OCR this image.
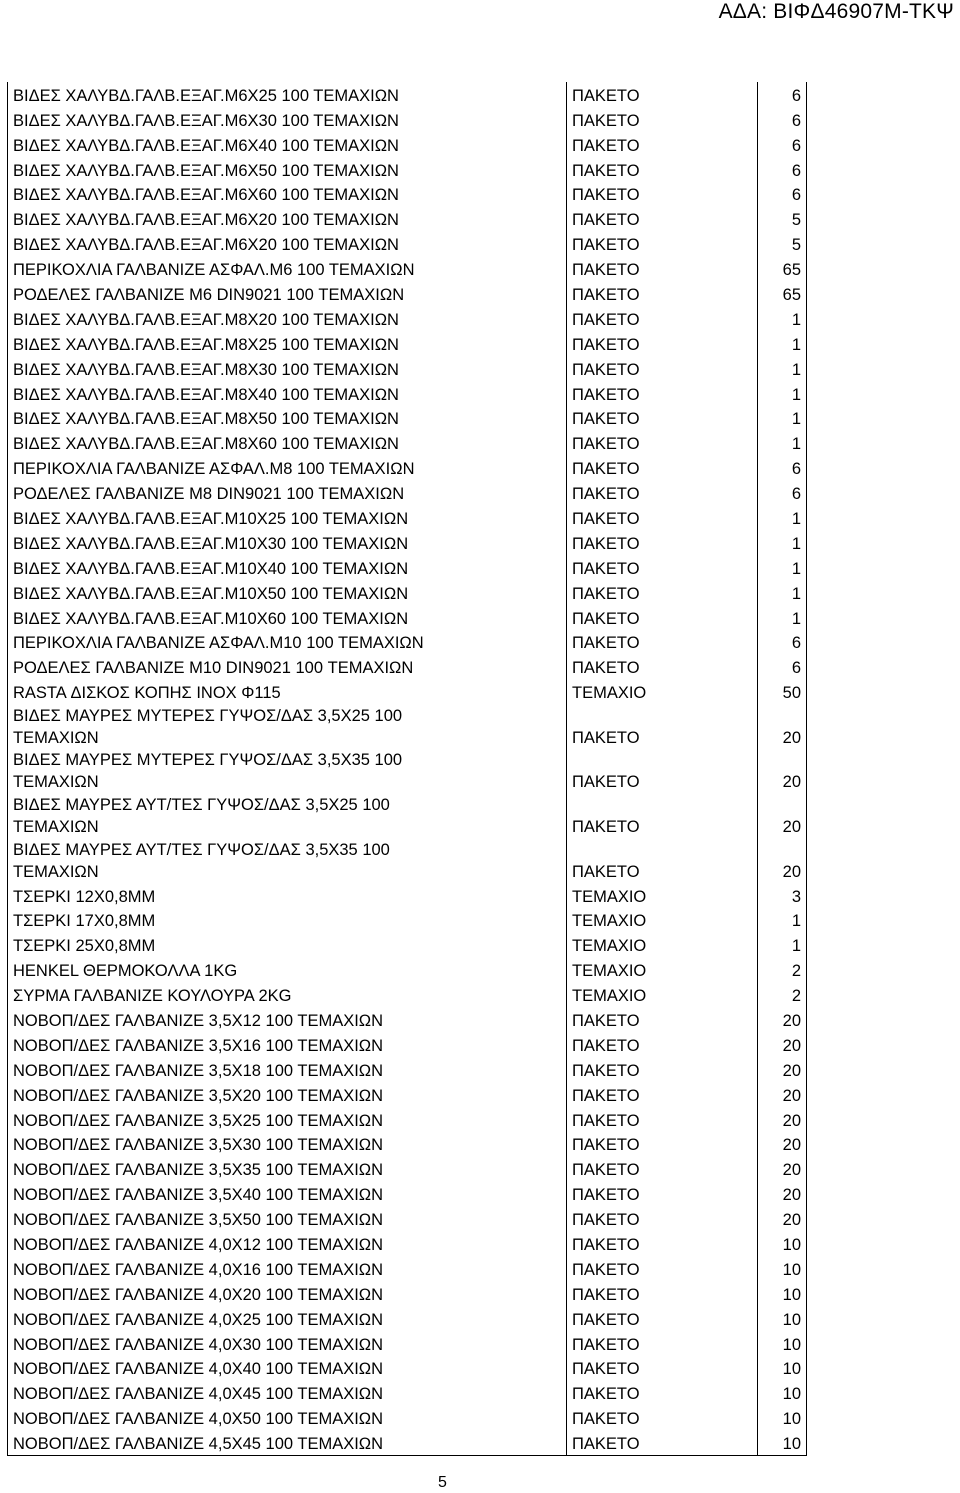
ΑΔΑ: ΒΙΦΔ46907Μ-ΤΚΨ
ΒΙΔΕΣ ΧΑΛΥΒΔ.ΓΑΛΒ.ΕΞΑΓ.Μ6Χ25 100 ΤΕΜΑΧΙΩΝ	ΠΑΚΕΤΟ	6

ΒΙΔΕΣ ΧΑΛΥΒΔ.ΓΑΛΒ.ΕΞΑΓ.Μ6Χ30 100 ΤΕΜΑΧΙΩΝ	ΠΑΚΕΤΟ	6

ΒΙΔΕΣ ΧΑΛΥΒΔ.ΓΑΛΒ.ΕΞΑΓ.Μ6Χ40 100 ΤΕΜΑΧΙΩΝ	ΠΑΚΕΤΟ	6

ΒΙΔΕΣ ΧΑΛΥΒΔ.ΓΑΛΒ.ΕΞΑΓ.Μ6Χ50 100 ΤΕΜΑΧΙΩΝ	ΠΑΚΕΤΟ	6

ΒΙΔΕΣ ΧΑΛΥΒΔ.ΓΑΛΒ.ΕΞΑΓ.Μ6Χ60 100 ΤΕΜΑΧΙΩΝ	ΠΑΚΕΤΟ	6

ΒΙΔΕΣ ΧΑΛΥΒΔ.ΓΑΛΒ.ΕΞΑΓ.Μ6Χ20 100 ΤΕΜΑΧΙΩΝ	ΠΑΚΕΤΟ	5

ΒΙΔΕΣ ΧΑΛΥΒΔ.ΓΑΛΒ.ΕΞΑΓ.Μ6Χ20 100 ΤΕΜΑΧΙΩΝ	ΠΑΚΕΤΟ	5

ΠΕΡΙΚΟΧΛΙΑ ΓΑΛΒΑΝΙΖΕ ΑΣΦΑΛ.Μ6 100 ΤΕΜΑΧΙΩΝ	ΠΑΚΕΤΟ	65

ΡΟΔΕΛΕΣ ΓΑΛΒΑΝΙΖΕ Μ6 DIN9021 100 ΤΕΜΑΧΙΩΝ	ΠΑΚΕΤΟ	65

ΒΙΔΕΣ ΧΑΛΥΒΔ.ΓΑΛΒ.ΕΞΑΓ.Μ8Χ20 100 ΤΕΜΑΧΙΩΝ	ΠΑΚΕΤΟ	1

ΒΙΔΕΣ ΧΑΛΥΒΔ.ΓΑΛΒ.ΕΞΑΓ.Μ8Χ25 100 ΤΕΜΑΧΙΩΝ	ΠΑΚΕΤΟ	1

ΒΙΔΕΣ ΧΑΛΥΒΔ.ΓΑΛΒ.ΕΞΑΓ.Μ8Χ30 100 ΤΕΜΑΧΙΩΝ	ΠΑΚΕΤΟ	1

ΒΙΔΕΣ ΧΑΛΥΒΔ.ΓΑΛΒ.ΕΞΑΓ.Μ8Χ40 100 ΤΕΜΑΧΙΩΝ	ΠΑΚΕΤΟ	1

ΒΙΔΕΣ ΧΑΛΥΒΔ.ΓΑΛΒ.ΕΞΑΓ.Μ8Χ50 100 ΤΕΜΑΧΙΩΝ	ΠΑΚΕΤΟ	1

ΒΙΔΕΣ ΧΑΛΥΒΔ.ΓΑΛΒ.ΕΞΑΓ.Μ8Χ60 100 ΤΕΜΑΧΙΩΝ	ΠΑΚΕΤΟ	1

ΠΕΡΙΚΟΧΛΙΑ ΓΑΛΒΑΝΙΖΕ ΑΣΦΑΛ.Μ8 100 ΤΕΜΑΧΙΩΝ	ΠΑΚΕΤΟ	6

ΡΟΔΕΛΕΣ ΓΑΛΒΑΝΙΖΕ Μ8 DIN9021 100 ΤΕΜΑΧΙΩΝ	ΠΑΚΕΤΟ	6

ΒΙΔΕΣ ΧΑΛΥΒΔ.ΓΑΛΒ.ΕΞΑΓ.Μ10Χ25 100 ΤΕΜΑΧΙΩΝ	ΠΑΚΕΤΟ	1

ΒΙΔΕΣ ΧΑΛΥΒΔ.ΓΑΛΒ.ΕΞΑΓ.Μ10Χ30 100 ΤΕΜΑΧΙΩΝ	ΠΑΚΕΤΟ	1

ΒΙΔΕΣ ΧΑΛΥΒΔ.ΓΑΛΒ.ΕΞΑΓ.Μ10Χ40 100 ΤΕΜΑΧΙΩΝ	ΠΑΚΕΤΟ	1

ΒΙΔΕΣ ΧΑΛΥΒΔ.ΓΑΛΒ.ΕΞΑΓ.Μ10Χ50 100 ΤΕΜΑΧΙΩΝ	ΠΑΚΕΤΟ	1

ΒΙΔΕΣ ΧΑΛΥΒΔ.ΓΑΛΒ.ΕΞΑΓ.Μ10Χ60 100 ΤΕΜΑΧΙΩΝ	ΠΑΚΕΤΟ	1

ΠΕΡΙΚΟΧΛΙΑ ΓΑΛΒΑΝΙΖΕ ΑΣΦΑΛ.Μ10 100 ΤΕΜΑΧΙΩΝ	ΠΑΚΕΤΟ	6

ΡΟΔΕΛΕΣ ΓΑΛΒΑΝΙΖΕ Μ10 DIN9021 100 ΤΕΜΑΧΙΩΝ	ΠΑΚΕΤΟ	6

RASTA ΔΙΣΚΟΣ ΚΟΠΗΣ ΙΝΟΧ Φ115	ΤΕΜΑΧΙΟ	50

ΒΙΔΕΣ ΜΑΥΡΕΣ ΜΥΤΕΡΕΣ ΓΥΨΟΣ/ΔΑΣ 3,5Χ25 100
ΤΕΜΑΧΙΩΝ	ΠΑΚΕΤΟ	20

ΒΙΔΕΣ ΜΑΥΡΕΣ ΜΥΤΕΡΕΣ ΓΥΨΟΣ/ΔΑΣ 3,5Χ35 100
ΤΕΜΑΧΙΩΝ	ΠΑΚΕΤΟ	20

ΒΙΔΕΣ ΜΑΥΡΕΣ ΑΥΤ/ΤΕΣ ΓΥΨΟΣ/ΔΑΣ 3,5Χ25 100
ΤΕΜΑΧΙΩΝ	ΠΑΚΕΤΟ	20

ΒΙΔΕΣ ΜΑΥΡΕΣ ΑΥΤ/ΤΕΣ ΓΥΨΟΣ/ΔΑΣ 3,5Χ35 100
ΤΕΜΑΧΙΩΝ	ΠΑΚΕΤΟ	20

ΤΣΕΡΚΙ 12Χ0,8ΜΜ	ΤΕΜΑΧΙΟ	3

ΤΣΕΡΚΙ 17Χ0,8ΜΜ	ΤΕΜΑΧΙΟ	1

ΤΣΕΡΚΙ 25Χ0,8ΜΜ	ΤΕΜΑΧΙΟ	1

HENKEL ΘΕΡΜΟΚΟΛΛΑ 1KG	ΤΕΜΑΧΙΟ	2

ΣΥΡΜΑ ΓΑΛΒΑΝΙΖΕ ΚΟΥΛΟΥΡΑ 2KG	ΤΕΜΑΧΙΟ	2

ΝΟΒΟΠ/ΔΕΣ ΓΑΛΒΑΝΙΖΕ 3,5Χ12 100 ΤΕΜΑΧΙΩΝ	ΠΑΚΕΤΟ	20

ΝΟΒΟΠ/ΔΕΣ ΓΑΛΒΑΝΙΖΕ 3,5Χ16 100 ΤΕΜΑΧΙΩΝ	ΠΑΚΕΤΟ	20

ΝΟΒΟΠ/ΔΕΣ ΓΑΛΒΑΝΙΖΕ 3,5Χ18 100 ΤΕΜΑΧΙΩΝ	ΠΑΚΕΤΟ	20

ΝΟΒΟΠ/ΔΕΣ ΓΑΛΒΑΝΙΖΕ 3,5Χ20 100 ΤΕΜΑΧΙΩΝ	ΠΑΚΕΤΟ	20

ΝΟΒΟΠ/ΔΕΣ ΓΑΛΒΑΝΙΖΕ 3,5Χ25 100 ΤΕΜΑΧΙΩΝ	ΠΑΚΕΤΟ	20

ΝΟΒΟΠ/ΔΕΣ ΓΑΛΒΑΝΙΖΕ 3,5Χ30 100 ΤΕΜΑΧΙΩΝ	ΠΑΚΕΤΟ	20

ΝΟΒΟΠ/ΔΕΣ ΓΑΛΒΑΝΙΖΕ 3,5Χ35 100 ΤΕΜΑΧΙΩΝ	ΠΑΚΕΤΟ	20

ΝΟΒΟΠ/ΔΕΣ ΓΑΛΒΑΝΙΖΕ 3,5Χ40 100 ΤΕΜΑΧΙΩΝ	ΠΑΚΕΤΟ	20

ΝΟΒΟΠ/ΔΕΣ ΓΑΛΒΑΝΙΖΕ 3,5Χ50 100 ΤΕΜΑΧΙΩΝ	ΠΑΚΕΤΟ	20

ΝΟΒΟΠ/ΔΕΣ ΓΑΛΒΑΝΙΖΕ 4,0Χ12 100 ΤΕΜΑΧΙΩΝ	ΠΑΚΕΤΟ	10

ΝΟΒΟΠ/ΔΕΣ ΓΑΛΒΑΝΙΖΕ 4,0Χ16 100 ΤΕΜΑΧΙΩΝ	ΠΑΚΕΤΟ	10

ΝΟΒΟΠ/ΔΕΣ ΓΑΛΒΑΝΙΖΕ 4,0Χ20 100 ΤΕΜΑΧΙΩΝ	ΠΑΚΕΤΟ	10

ΝΟΒΟΠ/ΔΕΣ ΓΑΛΒΑΝΙΖΕ 4,0Χ25 100 ΤΕΜΑΧΙΩΝ	ΠΑΚΕΤΟ	10

ΝΟΒΟΠ/ΔΕΣ ΓΑΛΒΑΝΙΖΕ 4,0Χ30 100 ΤΕΜΑΧΙΩΝ	ΠΑΚΕΤΟ	10

ΝΟΒΟΠ/ΔΕΣ ΓΑΛΒΑΝΙΖΕ 4,0Χ40 100 ΤΕΜΑΧΙΩΝ	ΠΑΚΕΤΟ	10

ΝΟΒΟΠ/ΔΕΣ ΓΑΛΒΑΝΙΖΕ 4,0Χ45 100 ΤΕΜΑΧΙΩΝ	ΠΑΚΕΤΟ	10

ΝΟΒΟΠ/ΔΕΣ ΓΑΛΒΑΝΙΖΕ 4,0Χ50 100 ΤΕΜΑΧΙΩΝ	ΠΑΚΕΤΟ	10

ΝΟΒΟΠ/ΔΕΣ ΓΑΛΒΑΝΙΖΕ 4,5Χ45 100 ΤΕΜΑΧΙΩΝ	ΠΑΚΕΤΟ	10
5
